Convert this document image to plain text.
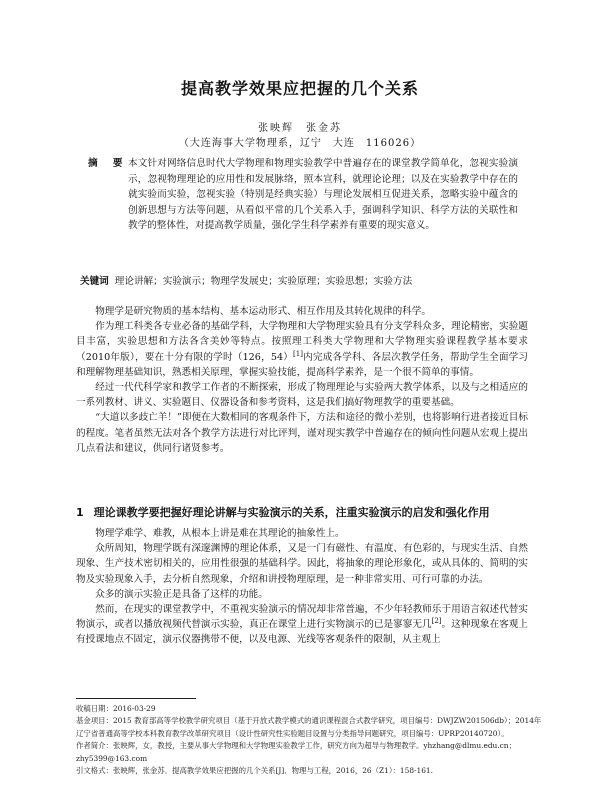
提高教学效果应把握的几个关系
张映辉　张金苏
（大连海事大学物理系，辽宁　大连　116026）
摘 要 本文针对网络信息时代大学物理和物理实验教学中普遍存在的课堂教学简单化，忽视实验演示，忽视物理理论的应用性和发展脉络，照本宣科，就理论论理；以及在实验教学中存在的就实验而实验，忽视实验（特别是经典实验）与理论发展相互促进关系，忽略实验中蕴含的创新思想与方法等问题，从看似平常的几个关系入手，强调科学知识、科学方法的关联性和教学的整体性，对提高教学质量，强化学生科学素养有重要的现实意义。
关键词 理论讲解；实验演示；物理学发展史；实验原理；实验思想；实验方法

物理学是研究物质的基本结构、基本运动形式、相互作用及其转化规律的科学。

作为理工科类各专业必备的基础学科，大学物理和大学物理实验具有分支学科众多，理论精密，实验题目丰富，实验思想和方法各含美妙等特点。按照理工科类大学物理和大学物理实验课程教学基本要求（2010年版），要在十分有限的学时（126，54）[1]内完成各学科、各层次教学任务，帮助学生全面学习和理解物理基础知识，熟悉相关原理，掌握实验技能，提高科学素养，是一个很不简单的事情。

经过一代代科学家和教学工作者的不断探索，形成了物理理论与实验两大教学体系，以及与之相适应的一系列教材、讲义、实验题目、仪器设备和参考资料，这是我们搞好物理教学的重要基础。

“大道以多歧亡羊！”即便在大数相同的客观条件下，方法和途径的微小差别，也将影响行进者接近目标的程度。笔者虽然无法对各个教学方法进行对比评判，谨对现实教学中普遍存在的倾向性问题从宏观上提出几点看法和建议，供同行诸贤参考。

1 理论课教学要把握好理论讲解与实验演示的关系，注重实验演示的启发和强化作用

物理学难学、难教，从根本上讲是难在其理论的抽象性上。

众所周知，物理学既有深邃渊博的理论体系，又是一门有磁性、有温度、有色彩的，与现实生活、自然现象、生产技术密切相关的，应用性很强的基础科学。因此，将抽象的理论形象化，或从具体的、简明的实物及实验现象入手，去分析自然现象，介绍和讲授物理原理，是一种非常实用、可行可靠的办法。

众多的演示实验正是具备了这样的功能。

然而，在现实的课堂教学中，不重视实验演示的情况却非常普遍，不少年轻教师乐于用语言叙述代替实物演示，或者以播放视频代替演示实验，真正在课堂上进行实物演示的已是寥寥无几[2]。这种现象在客观上有授课地点不固定，演示仪器携带不便，以及电源、光线等客观条件的限制，从主观上

收稿日期：2016-03-29
基金项目：2015 教育部高等学校教学研究项目（基于开放式教学模式的通识课程混合式教学研究，项目编号：DWJZW201506db）；2014年辽宁省普通高等学校本科教育教学改革研究项目（设计性研究性实验题目设置与分类指导问题研究，项目编号：UPRP20140720）。
作者简介：张映辉，女，教授，主要从事大学物理和大学物理实验教学工作，研究方向为超导与物理教学。yhzhang@dlmu.edu.cn；zhy5399@163.com
引文格式：张映辉，张金苏．提高教学效果应把握的几个关系[J]．物理与工程，2016，26（Z1）：158-161.
